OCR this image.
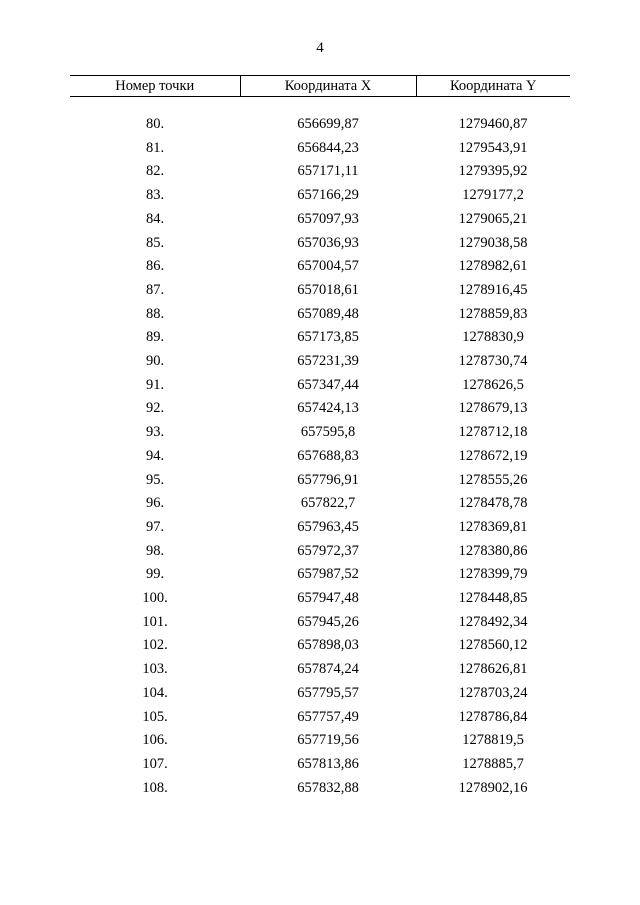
4
Номер точки	Координата X	Координата Y

80.	656699,87	1279460,87
81.	656844,23	1279543,91
82.	657171,11	1279395,92
83.	657166,29	1279177,2
84.	657097,93	1279065,21
85.	657036,93	1279038,58
86.	657004,57	1278982,61
87.	657018,61	1278916,45
88.	657089,48	1278859,83
89.	657173,85	1278830,9
90.	657231,39	1278730,74
91.	657347,44	1278626,5
92.	657424,13	1278679,13
93.	657595,8	1278712,18
94.	657688,83	1278672,19
95.	657796,91	1278555,26
96.	657822,7	1278478,78
97.	657963,45	1278369,81
98.	657972,37	1278380,86
99.	657987,52	1278399,79
100.	657947,48	1278448,85
101.	657945,26	1278492,34
102.	657898,03	1278560,12
103.	657874,24	1278626,81
104.	657795,57	1278703,24
105.	657757,49	1278786,84
106.	657719,56	1278819,5
107.	657813,86	1278885,7
108.	657832,88	1278902,16
